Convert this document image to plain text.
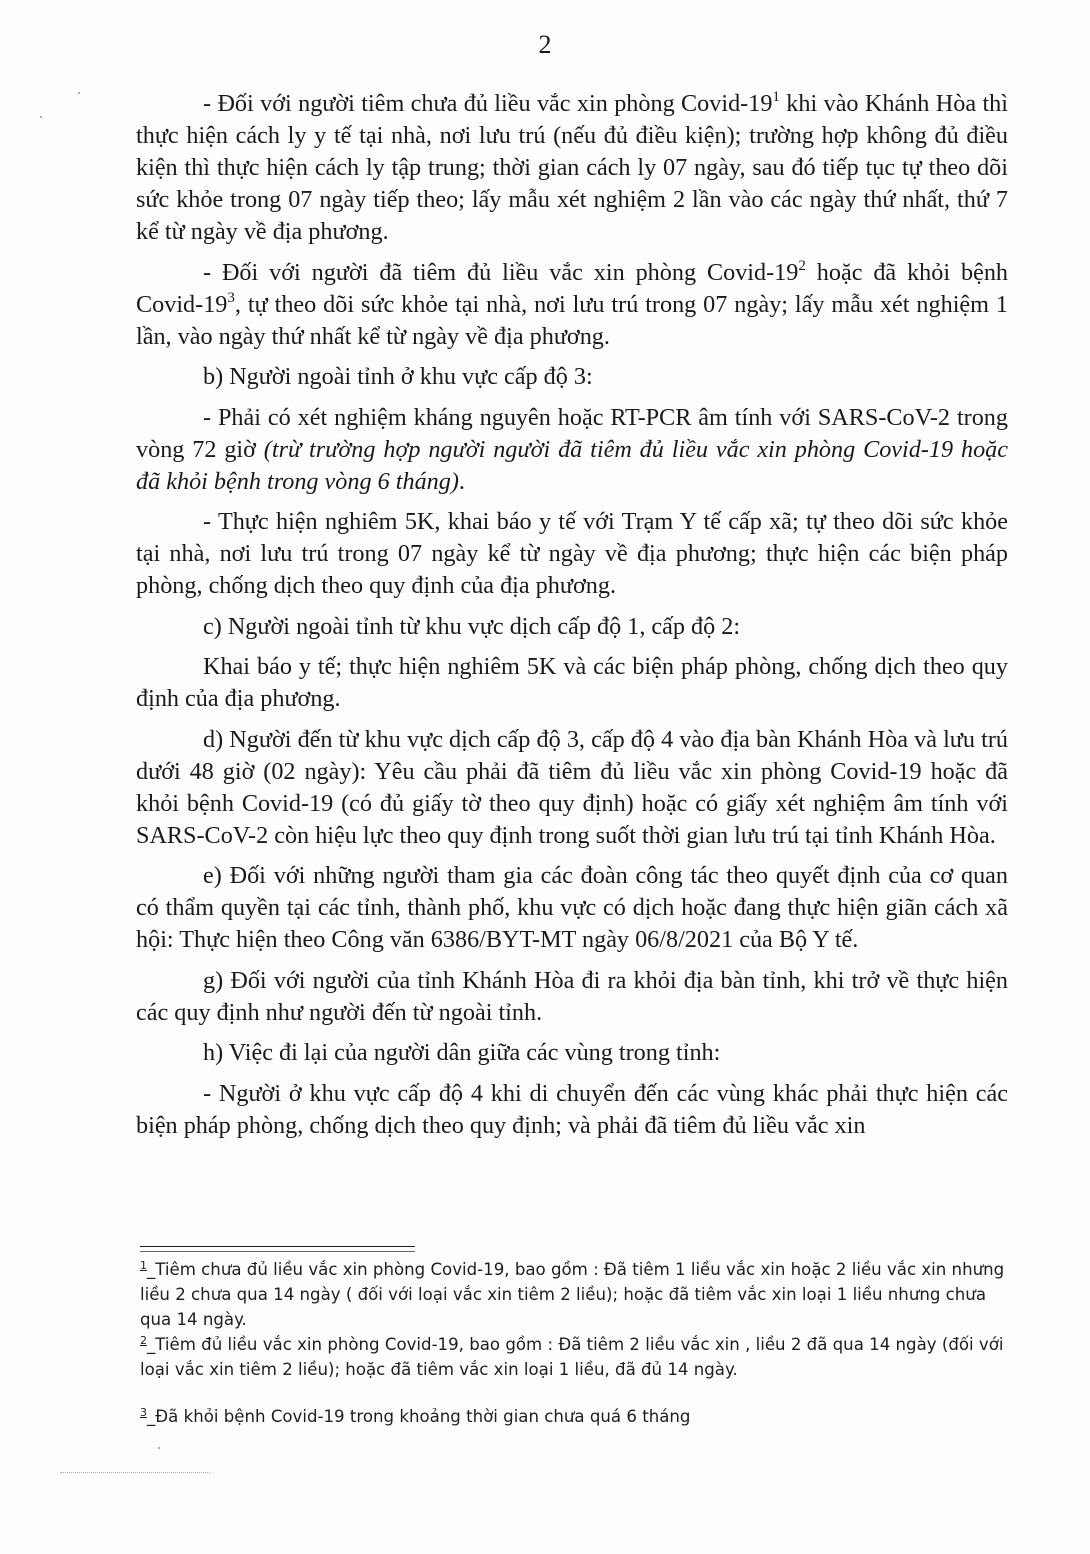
2

- Đối với người tiêm chưa đủ liều vắc xin phòng Covid-$19^1$ khi vào Khánh Hòa thì thực hiện cách ly y tế tại nhà, nơi lưu trú (nếu đủ điều kiện); trường hợp không đủ điều kiện thì thực hiện cách ly tập trung; thời gian cách ly 07 ngày, sau đó tiếp tục tự theo dõi sức khỏe trong 07 ngày tiếp theo; lấy mẫu xét nghiệm 2 lần vào các ngày thứ nhất, thứ 7 kể từ ngày về địa phương.

- Đối với người đã tiêm đủ liều vắc xin phòng Covid-$19^2$ hoặc đã khỏi bệnh Covid-$19^3$, tự theo dõi sức khỏe tại nhà, nơi lưu trú trong 07 ngày; lấy mẫu xét nghiệm 1 lần, vào ngày thứ nhất kể từ ngày về địa phương.

b) Người ngoài tỉnh ở khu vực cấp độ 3:

- Phải có xét nghiệm kháng nguyên hoặc RT-PCR âm tính với SARS-CoV-2 trong vòng 72 giờ (trừ trường hợp người người đã tiêm đủ liều vắc xin phòng Covid-19 hoặc đã khỏi bệnh trong vòng 6 tháng).

- Thực hiện nghiêm 5K, khai báo y tế với Trạm Y tế cấp xã; tự theo dõi sức khỏe tại nhà, nơi lưu trú trong 07 ngày kể từ ngày về địa phương; thực hiện các biện pháp phòng, chống dịch theo quy định của địa phương.

c) Người ngoài tỉnh từ khu vực dịch cấp độ 1, cấp độ 2:

Khai báo y tế; thực hiện nghiêm 5K và các biện pháp phòng, chống dịch theo quy định của địa phương.

d) Người đến từ khu vực dịch cấp độ 3, cấp độ 4 vào địa bàn Khánh Hòa và lưu trú dưới 48 giờ (02 ngày): Yêu cầu phải đã tiêm đủ liều vắc xin phòng Covid-19 hoặc đã khỏi bệnh Covid-19 (có đủ giấy tờ theo quy định) hoặc có giấy xét nghiệm âm tính với SARS-CoV-2 còn hiệu lực theo quy định trong suốt thời gian lưu trú tại tỉnh Khánh Hòa.

e) Đối với những người tham gia các đoàn công tác theo quyết định của cơ quan có thẩm quyền tại các tỉnh, thành phố, khu vực có dịch hoặc đang thực hiện giãn cách xã hội: Thực hiện theo Công văn 6386/BYT-MT ngày 06/8/2021 của Bộ Y tế.

g) Đối với người của tỉnh Khánh Hòa đi ra khỏi địa bàn tỉnh, khi trở về thực hiện các quy định như người đến từ ngoài tỉnh.

h) Việc đi lại của người dân giữa các vùng trong tỉnh:

- Người ở khu vực cấp độ 4 khi di chuyển đến các vùng khác phải thực hiện các biện pháp phòng, chống dịch theo quy định; và phải đã tiêm đủ liều vắc xin

$^1$_Tiêm chưa đủ liều vắc xin phòng Covid-19, bao gồm : Đã tiêm 1 liều vắc xin hoặc 2 liều vắc xin nhưng liều 2 chưa qua 14 ngày ( đối với loại vắc xin tiêm 2 liều); hoặc đã tiêm vắc xin loại 1 liều nhưng chưa qua 14 ngày.

$^2$_Tiêm đủ liều vắc xin phòng Covid-19, bao gồm : Đã tiêm 2 liều vắc xin , liều 2 đã qua 14 ngày (đối với loại vắc xin tiêm 2 liều); hoặc đã tiêm vắc xin loại 1 liều, đã đủ 14 ngày.

$^3$_Đã khỏi bệnh Covid-19 trong khoảng thời gian chưa quá 6 tháng
